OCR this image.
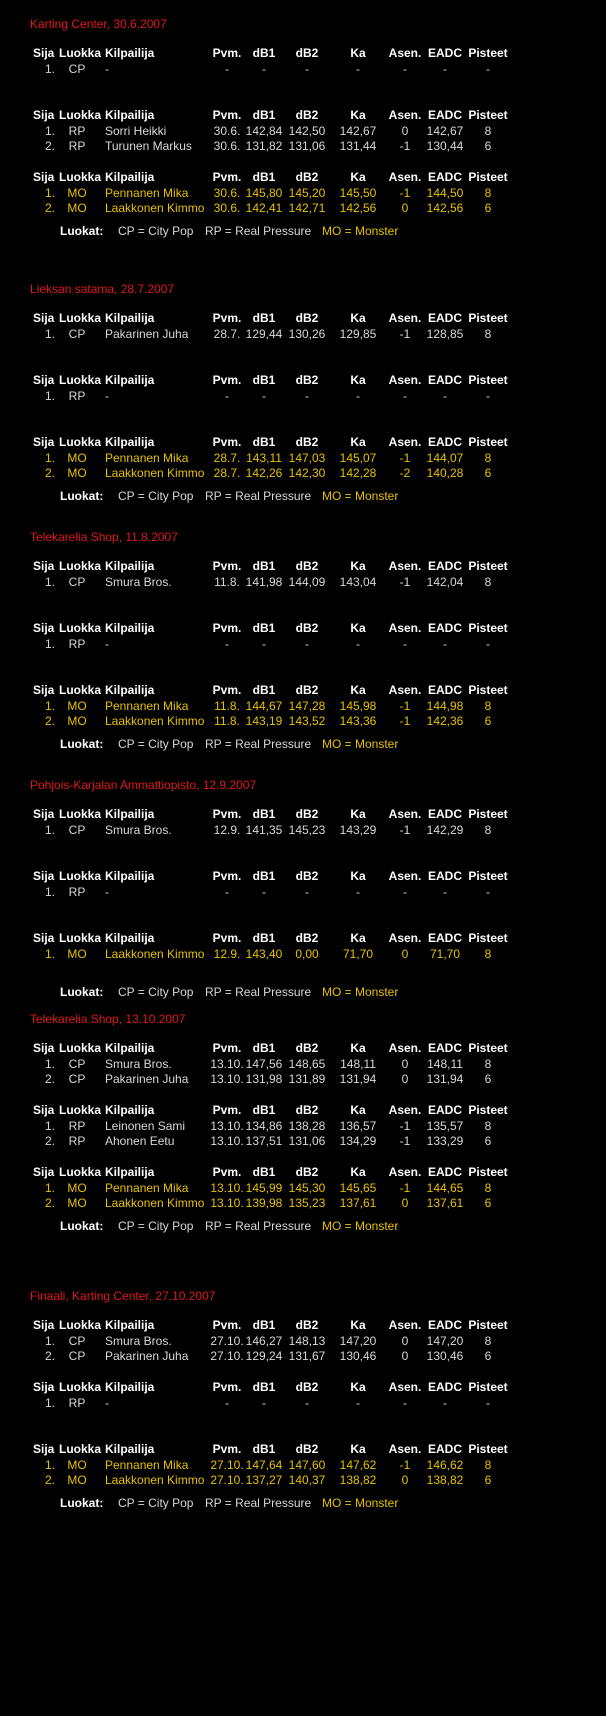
Karting Center, 30.6.2007
Sija Luokka Kilpailija	Pvm. dB1	dB2	Ka	Asen. EADC Pisteet
1.	CP	-	-	-	-	-	-	-	-
Sija Luokka Kilpailija	Pvm. dB1	dB2	Ka	Asen. EADC Pisteet
1.	RP	Sorri Heikki	30.6. 142,84 142,50	142,67	0	142,67	8
2.	RP	Turunen Markus	30.6. 131,82 131,06	131,44	-1	130,44	6
Sija Luokka Kilpailija	Pvm. dB1	dB2	Ka	Asen. EADC Pisteet
1.	MO	Pennanen Mika	30.6. 145,80 145,20	145,50	-1	144,50	8
2.	MO	Laakkonen Kimmo 30.6. 142,41 142,71	142,56	0	142,56	6
Luokat: CP = City Pop RP = Real Pressure MO = Monster
Lieksan satama, 28.7.2007
Sija Luokka Kilpailija	Pvm. dB1	dB2	Ka	Asen. EADC Pisteet
1.	CP	Pakarinen Juha	28.7. 129,44 130,26	129,85	-1	128,85	8
Sija Luokka Kilpailija	Pvm. dB1	dB2	Ka	Asen. EADC Pisteet
1.	RP	-	-	-	-	-	-	-	-
Sija Luokka Kilpailija	Pvm. dB1	dB2	Ka	Asen. EADC Pisteet
1.	MO	Pennanen Mika	28.7. 143,11 147,03	145,07	-1	144,07	8
2.	MO	Laakkonen Kimmo 28.7. 142,26 142,30	142,28	-2	140,28	6
Luokat: CP = City Pop RP = Real Pressure MO = Monster
Telekarelia Shop, 11.8.2007
Sija Luokka Kilpailija	Pvm. dB1	dB2	Ka	Asen. EADC Pisteet
1.	CP	Smura Bros.	11.8. 141,98 144,09	143,04	-1	142,04	8
Sija Luokka Kilpailija	Pvm. dB1	dB2	Ka	Asen. EADC Pisteet
1.	RP	-	-	-	-	-	-	-	-
Sija Luokka Kilpailija	Pvm. dB1	dB2	Ka	Asen. EADC Pisteet
1.	MO	Pennanen Mika	11.8. 144,67 147,28	145,98	-1	144,98	8
2.	MO	Laakkonen Kimmo 11.8. 143,19 143,52	143,36	-1	142,36	6
Luokat: CP = City Pop RP = Real Pressure MO = Monster
Pohjois-Karjalan Ammattiopisto, 12.9.2007
Sija Luokka Kilpailija	Pvm. dB1	dB2	Ka	Asen. EADC Pisteet
1.	CP	Smura Bros.	12.9. 141,35 145,23	143,29	-1	142,29	8
Sija Luokka Kilpailija	Pvm. dB1	dB2	Ka	Asen. EADC Pisteet
1.	RP	-	-	-	-	-	-	-	-
Sija Luokka Kilpailija	Pvm. dB1	dB2	Ka	Asen. EADC Pisteet
1.	MO	Laakkonen Kimmo 12.9. 143,40	0,00	71,70	0	71,70	8
Luokat: CP = City Pop RP = Real Pressure MO = Monster
Telekarelia Shop, 13.10.2007
Sija Luokka Kilpailija	Pvm. dB1	dB2	Ka	Asen. EADC Pisteet
1.	CP	Smura Bros.	13.10. 147,56 148,65	148,11	0	148,11	8
2.	CP	Pakarinen Juha 13.10. 131,98 131,89	131,94	0	131,94	6
Sija Luokka Kilpailija	Pvm. dB1	dB2	Ka	Asen. EADC Pisteet
1.	RP	Leinonen Sami 13.10. 134,86 138,28	136,57	-1	135,57	8
2.	RP	Ahonen Eetu	13.10. 137,51 131,06	134,29	-1	133,29	6
Sija Luokka Kilpailija	Pvm. dB1	dB2	Ka	Asen. EADC Pisteet
1.	MO	Pennanen Mika 13.10. 145,99 145,30	145,65	-1	144,65	8
2.	MO	Laakkonen Kimmo 13.10. 139,98 135,23	137,61	0	137,61	6
Luokat: CP = City Pop RP = Real Pressure MO = Monster
Finaali, Karting Center, 27.10.2007
Sija Luokka Kilpailija	Pvm. dB1	dB2	Ka	Asen. EADC Pisteet
1.	CP	Smura Bros.	27.10. 146,27 148,13	147,20	0	147,20	8
2.	CP	Pakarinen Juha 27.10. 129,24 131,67	130,46	0	130,46	6
Sija Luokka Kilpailija	Pvm. dB1	dB2	Ka	Asen. EADC Pisteet
1.	RP	-	-	-	-	-	-	-	-
Sija Luokka Kilpailija	Pvm. dB1	dB2	Ka	Asen. EADC Pisteet
1.	MO	Pennanen Mika 27.10. 147,64 147,60	147,62	-1	146,62	8
2.	MO	Laakkonen Kimmo 27.10. 137,27 140,37	138,82	0	138,82	6
Luokat: CP = City Pop RP = Real Pressure MO = Monster
